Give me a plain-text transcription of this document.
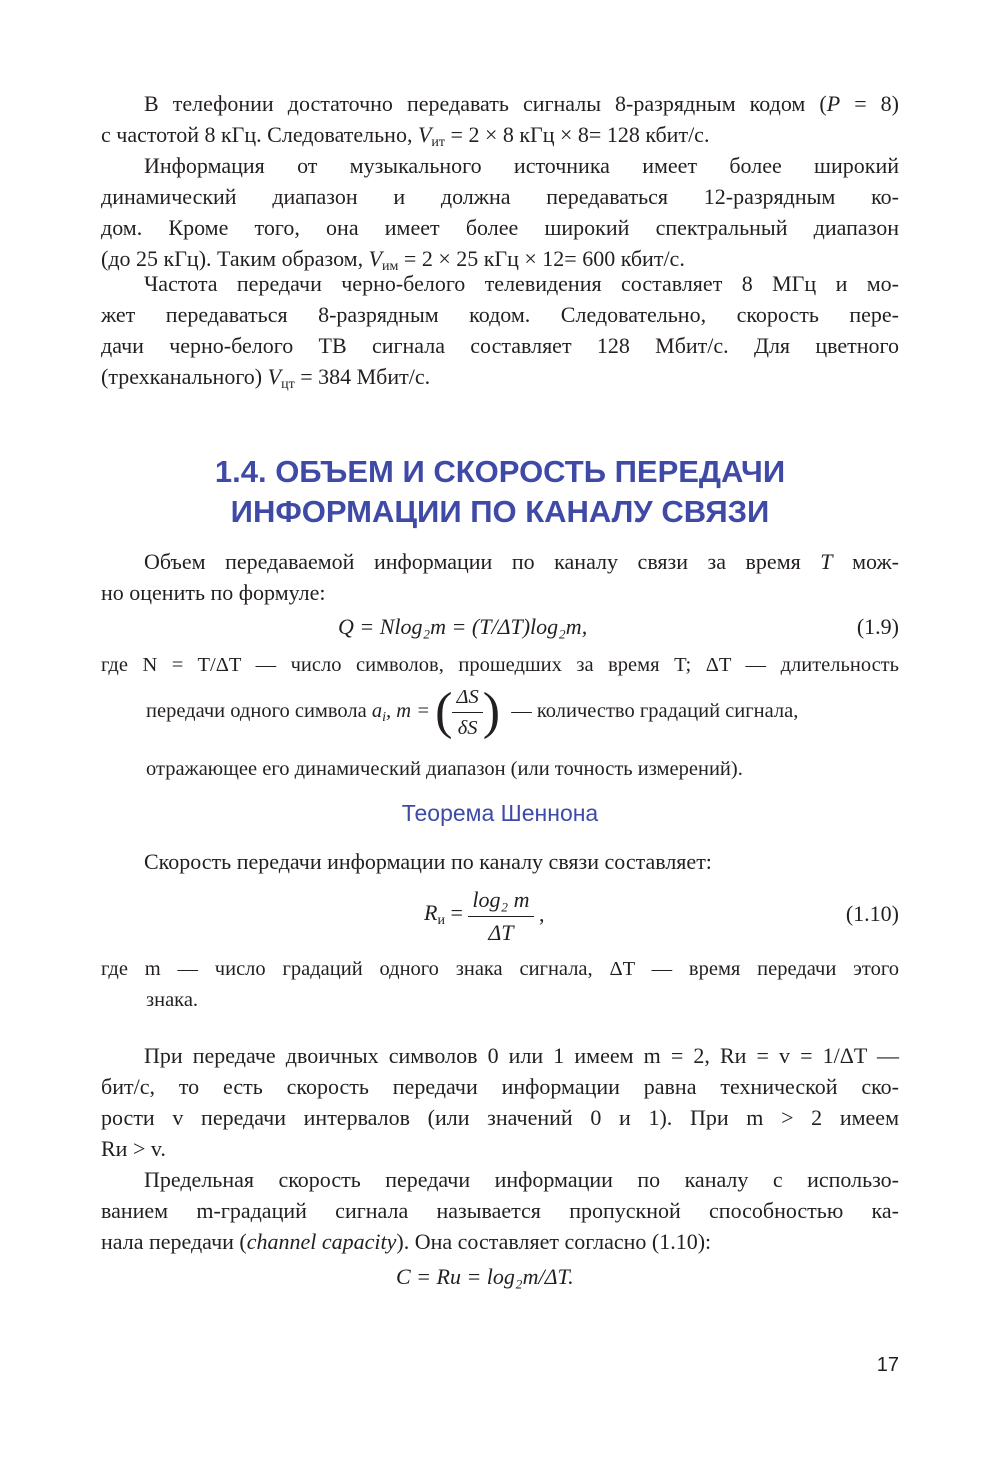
В телефонии достаточно передавать сигналы 8-разрядным кодом (P = 8)
с частотой 8 кГц. Следовательно, $V_{ит} = 2 \times 8$ кГц × 8= 128 кбит/с.
Информация от музыкального источника имеет более широкий
динамический диапазон и должна передаваться 12-разрядным ко-
дом. Кроме того, она имеет более широкий спектральный диапазон
(до 25 кГц). Таким образом, $V_{им} = 2 \times 25$ кГц × 12= 600 кбит/с.
Частота передачи черно-белого телевидения составляет 8 МГц и мо-
жет передаваться 8-разрядным кодом. Следовательно, скорость пере-
дачи черно-белого ТВ сигнала составляет 128 Мбит/с. Для цветного
(трехканального) $V_{цт} = 384$ Мбит/с.
1.4. ОБЪЕМ И СКОРОСТЬ ПЕРЕДАЧИ
ИНФОРМАЦИИ ПО КАНАЛУ СВЯЗИ
Объем передаваемой информации по каналу связи за время T мож-
но оценить по формуле:
Q = Nlog₂m = (T/ΔT)log₂m,	(1.9)
где N = T/ΔT — число символов, прошедших за время T; ΔT — длительность
передачи одного символа $a_i$, m = ( $\frac{\Delta S}{\delta S}$ ) — количество градаций сигнала,
отражающее его динамический диапазон (или точность измерений).
Теорема Шеннона
Скорость передачи информации по каналу связи составляет:
$R_и = \frac{\text{log₂ m}}{\Delta T}$ ,	(1.10)
где m — число градаций одного знака сигнала, ΔT — время передачи этого
знака.
При передаче двоичных символов 0 или 1 имеем m = 2, Rи = v = 1/ΔT —
бит/с, то есть скорость передачи информации равна технической ско-
рости v передачи интервалов (или значений 0 и 1). При m > 2 имеем
Rи > v.
Предельная скорость передачи информации по каналу с использо-
ванием m-градаций сигнала называется пропускной способностью ка-
нала передачи (channel capacity). Она составляет согласно (1.10):
C = Rи = log₂m/ΔT.
17
